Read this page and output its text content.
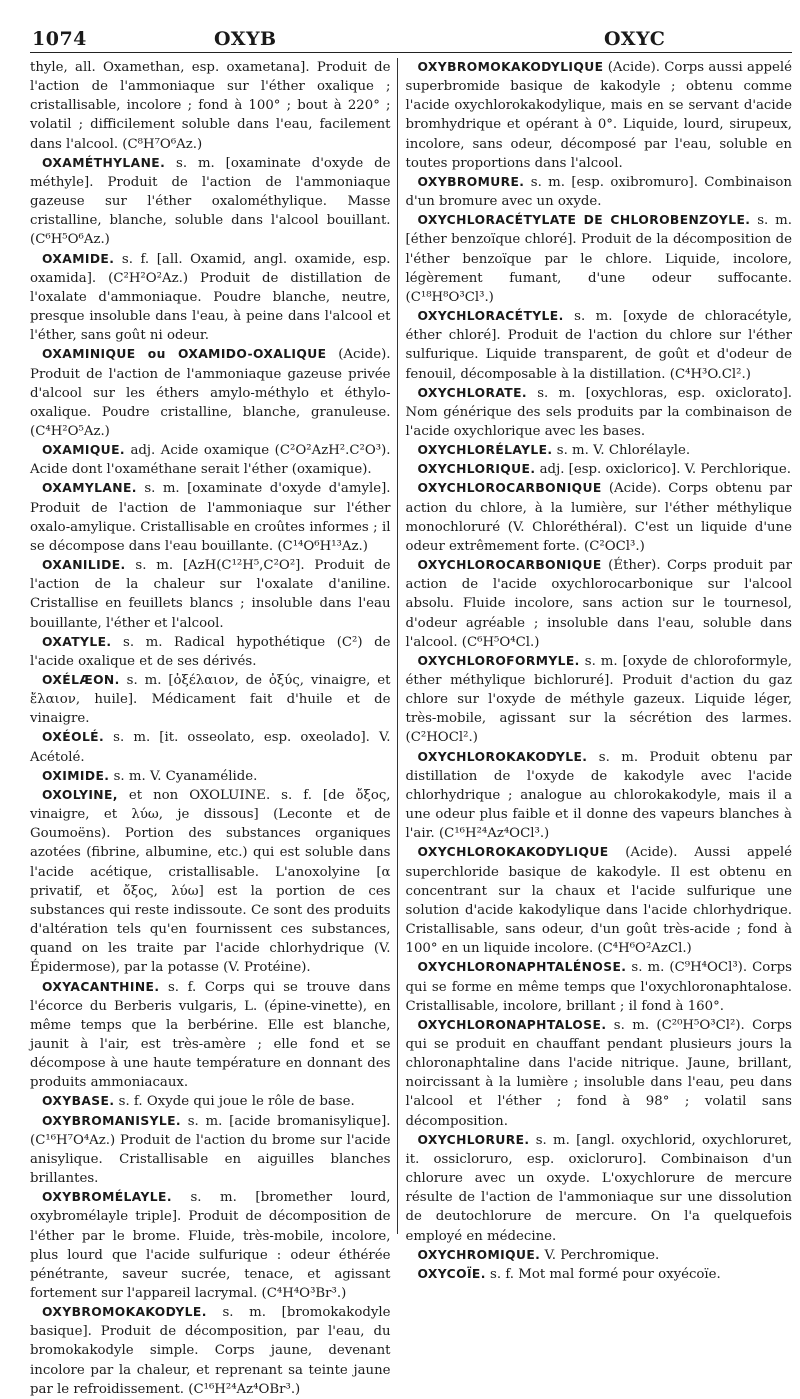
1074	OXYB	OXYC

thyle, all. Oxamethan, esp. oxametana]. Produit de l'action de l'ammoniaque sur l'éther oxalique ; cristallisable, incolore ; fond à 100° ; bout à 220° ; volatil ; difficilement soluble dans l'eau, facilement dans l'alcool. (C⁸H⁷O⁶Az.)

OXAMÉTHYLANE. s. m. [oxaminate d'oxyde de méthyle]. Produit de l'action de l'ammoniaque gazeuse sur l'éther oxalométhylique. Masse cristalline, blanche, soluble dans l'alcool bouillant. (C⁶H⁵O⁶Az.)

OXAMIDE. s. f. [all. Oxamid, angl. oxamide, esp. oxamida]. (C²H²O²Az.) Produit de distillation de l'oxalate d'ammoniaque. Poudre blanche, neutre, presque insoluble dans l'eau, à peine dans l'alcool et l'éther, sans goût ni odeur.

OXAMINIQUE ou OXAMIDO-OXALIQUE (Acide). Produit de l'action de l'ammoniaque gazeuse privée d'alcool sur les éthers amylo-méthylo et éthylo-oxalique. Poudre cristalline, blanche, granuleuse. (C⁴H²O⁵Az.)

OXAMIQUE. adj. Acide oxamique (C²O²AzH².C²O³). Acide dont l'oxaméthane serait l'éther (oxamique).

OXAMYLANE. s. m. [oxaminate d'oxyde d'amyle]. Produit de l'action de l'ammoniaque sur l'éther oxalo-amylique. Cristallisable en croûtes informes ; il se décompose dans l'eau bouillante. (C¹⁴O⁶H¹³Az.)

OXANILIDE. s. m. [AzH(C¹²H⁵,C²O²]. Produit de l'action de la chaleur sur l'oxalate d'aniline. Cristallise en feuillets blancs ; insoluble dans l'eau bouillante, l'éther et l'alcool.

OXATYLE. s. m. Radical hypothétique (C²) de l'acide oxalique et de ses dérivés.

OXÉLÆON. s. m. [ὀξέλαιον, de ὀξύς, vinaigre, et ἔλαιον, huile]. Médicament fait d'huile et de vinaigre.

OXÉOLÉ. s. m. [it. osseolato, esp. oxeolado]. V. Acétolé.

OXIMIDE. s. m. V. Cyanamélide.

OXOLYINE, et non OXOLUINE. s. f. [de ὄξος, vinaigre, et λύω, je dissous] (Leconte et de Goumoëns). Portion des substances organiques azotées (fibrine, albumine, etc.) qui est soluble dans l'acide acétique, cristallisable. L'anoxolyine [α privatif, et ὄξος, λύω] est la portion de ces substances qui reste indissoute. Ce sont des produits d'altération tels qu'en fournissent ces substances, quand on les traite par l'acide chlorhydrique (V. Épidermose), par la potasse (V. Protéine).

OXYACANTHINE. s. f. Corps qui se trouve dans l'écorce du Berberis vulgaris, L. (épine-vinette), en même temps que la berbérine. Elle est blanche, jaunit à l'air, est très-amère ; elle fond et se décompose à une haute température en donnant des produits ammoniacaux.

OXYBASE. s. f. Oxyde qui joue le rôle de base.

OXYBROMANISYLE. s. m. [acide bromanisylique]. (C¹⁶H⁷O⁴Az.) Produit de l'action du brome sur l'acide anisylique. Cristallisable en aiguilles blanches brillantes.

OXYBROMÉLAYLE. s. m. [bromether lourd, oxybromélayle triple]. Produit de décomposition de l'éther par le brome. Fluide, très-mobile, incolore, plus lourd que l'acide sulfurique : odeur éthérée pénétrante, saveur sucrée, tenace, et agissant fortement sur l'appareil lacrymal. (C⁴H⁴O³Br³.)

OXYBROMOKAKODYLE. s. m. [bromokakodyle basique]. Produit de décomposition, par l'eau, du bromokakodyle simple. Corps jaune, devenant incolore par la chaleur, et reprenant sa teinte jaune par le refroidissement. (C¹⁶H²⁴Az⁴OBr³.)

OXYBROMOKAKODYLIQUE (Acide). Corps aussi appelé superbromide basique de kakodyle ; obtenu comme l'acide oxychlorokakodylique, mais en se servant d'acide bromhydrique et opérant à 0°. Liquide, lourd, sirupeux, incolore, sans odeur, décomposé par l'eau, soluble en toutes proportions dans l'alcool.

OXYBROMURE. s. m. [esp. oxibromuro]. Combinaison d'un bromure avec un oxyde.

OXYCHLORACÉTYLATE DE CHLOROBENZOYLE. s. m. [éther benzoïque chloré]. Produit de la décomposition de l'éther benzoïque par le chlore. Liquide, incolore, légèrement fumant, d'une odeur suffocante. (C¹⁸H⁸O³Cl³.)

OXYCHLORACÉTYLE. s. m. [oxyde de chloracétyle, éther chloré]. Produit de l'action du chlore sur l'éther sulfurique. Liquide transparent, de goût et d'odeur de fenouil, décomposable à la distillation. (C⁴H³O.Cl².)

OXYCHLORATE. s. m. [oxychloras, esp. oxiclorato]. Nom générique des sels produits par la combinaison de l'acide oxychlorique avec les bases.

OXYCHLORÉLAYLE. s. m. V. Chlorélayle.

OXYCHLORIQUE. adj. [esp. oxiclorico]. V. Perchlorique.

OXYCHLOROCARBONIQUE (Acide). Corps obtenu par action du chlore, à la lumière, sur l'éther méthylique monochloruré (V. Chloréthéral). C'est un liquide d'une odeur extrêmement forte. (C²OCl³.)

OXYCHLOROCARBONIQUE (Éther). Corps produit par action de l'acide oxychlorocarbonique sur l'alcool absolu. Fluide incolore, sans action sur le tournesol, d'odeur agréable ; insoluble dans l'eau, soluble dans l'alcool. (C⁶H⁵O⁴Cl.)

OXYCHLOROFORMYLE. s. m. [oxyde de chloroformyle, éther méthylique bichloruré]. Produit d'action du gaz chlore sur l'oxyde de méthyle gazeux. Liquide léger, très-mobile, agissant sur la sécrétion des larmes. (C²HOCl².)

OXYCHLOROKAKODYLE. s. m. Produit obtenu par distillation de l'oxyde de kakodyle avec l'acide chlorhydrique ; analogue au chlorokakodyle, mais il a une odeur plus faible et il donne des vapeurs blanches à l'air. (C¹⁶H²⁴Az⁴OCl³.)

OXYCHLOROKAKODYLIQUE (Acide). Aussi appelé superchloride basique de kakodyle. Il est obtenu en concentrant sur la chaux et l'acide sulfurique une solution d'acide kakodylique dans l'acide chlorhydrique. Cristallisable, sans odeur, d'un goût très-acide ; fond à 100° en un liquide incolore. (C⁴H⁶O²AzCl.)

OXYCHLORONAPHTALÉNOSE. s. m. (C⁹H⁴OCl³). Corps qui se forme en même temps que l'oxychloronaphtalose. Cristallisable, incolore, brillant ; il fond à 160°.

OXYCHLORONAPHTALOSE. s. m. (C²⁰H⁵O³Cl²). Corps qui se produit en chauffant pendant plusieurs jours la chloronaphtaline dans l'acide nitrique. Jaune, brillant, noircissant à la lumière ; insoluble dans l'eau, peu dans l'alcool et l'éther ; fond à 98° ; volatil sans décomposition.

OXYCHLORURE. s. m. [angl. oxychlorid, oxychloruret, it. ossicloruro, esp. oxicloruro]. Combinaison d'un chlorure avec un oxyde. L'oxychlorure de mercure résulte de l'action de l'ammoniaque sur une dissolution de deutochlorure de mercure. On l'a quelquefois employé en médecine.

OXYCHROMIQUE. V. Perchromique.

OXYCOÏE. s. f. Mot mal formé pour oxyécoïe.
